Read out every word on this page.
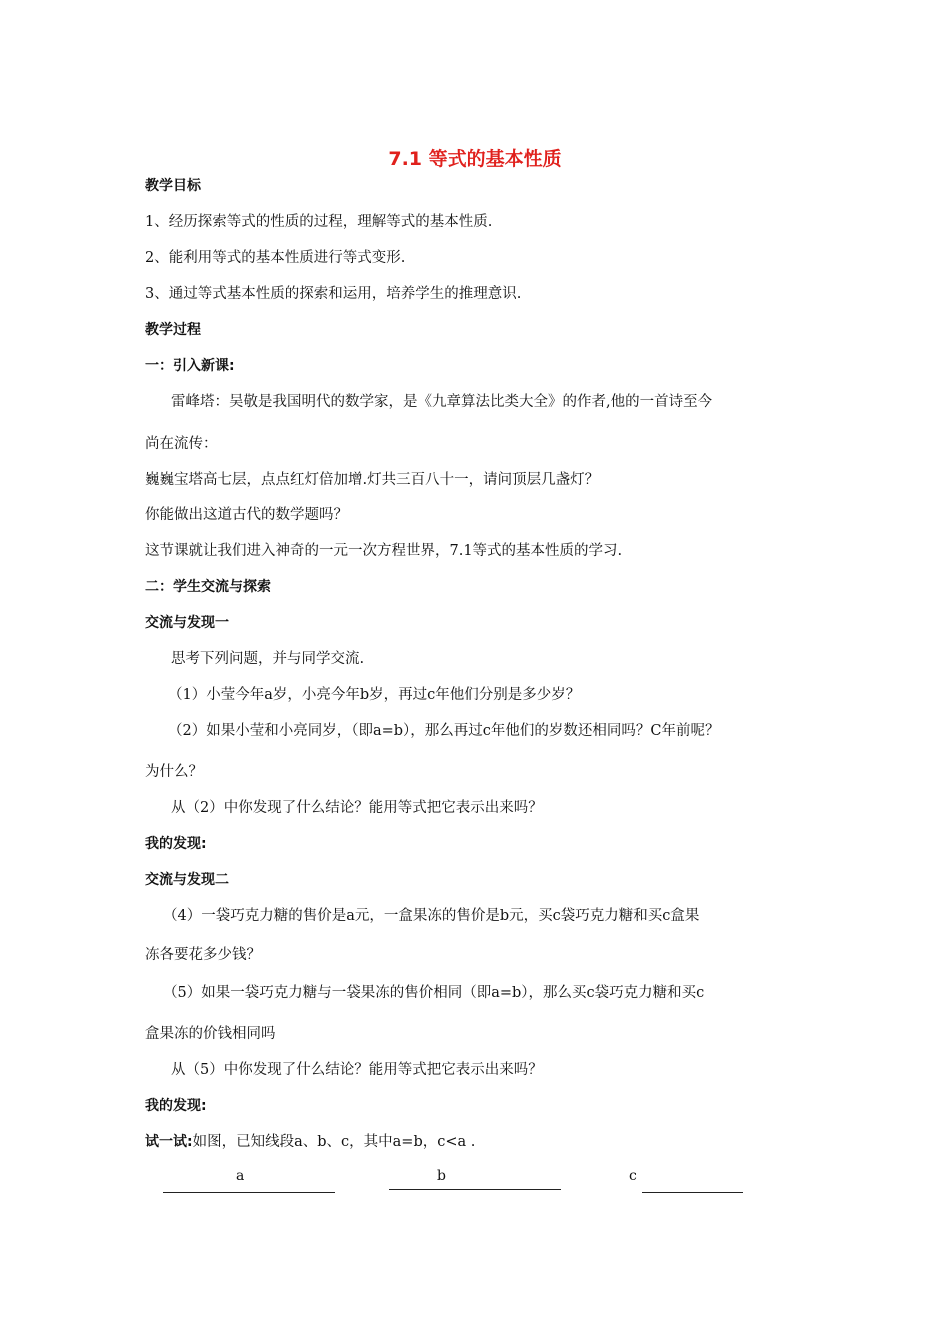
7.1 等式的基本性质
教学目标
1、经历探索等式的性质的过程，理解等式的基本性质.
2、能利用等式的基本性质进行等式变形.
3、通过等式基本性质的探索和运用，培养学生的推理意识.
教学过程
一：引入新课:
雷峰塔：吴敬是我国明代的数学家，是《九章算法比类大全》的作者,他的一首诗至今
尚在流传：
巍巍宝塔高七层，点点红灯倍加增.灯共三百八十一，请问顶层几盏灯？
你能做出这道古代的数学题吗？
这节课就让我们进入神奇的一元一次方程世界，7.1等式的基本性质的学习.
二：学生交流与探索
交流与发现一
思考下列问题，并与同学交流.
（1）小莹今年a岁，小亮今年b岁，再过c年他们分别是多少岁？
（2）如果小莹和小亮同岁，（即a=b），那么再过c年他们的岁数还相同吗？C年前呢？
为什么？
从（2）中你发现了什么结论？能用等式把它表示出来吗？
我的发现:
交流与发现二
（4）一袋巧克力糖的售价是a元，一盒果冻的售价是b元，买c袋巧克力糖和买c盒果
冻各要花多少钱？
（5）如果一袋巧克力糖与一袋果冻的售价相同（即a=b），那么买c袋巧克力糖和买c
盒果冻的价钱相同吗
从（5）中你发现了什么结论？能用等式把它表示出来吗？
我的发现:
试一试:如图，已知线段a、b、c，其中a=b，c<a .
a	b	c
